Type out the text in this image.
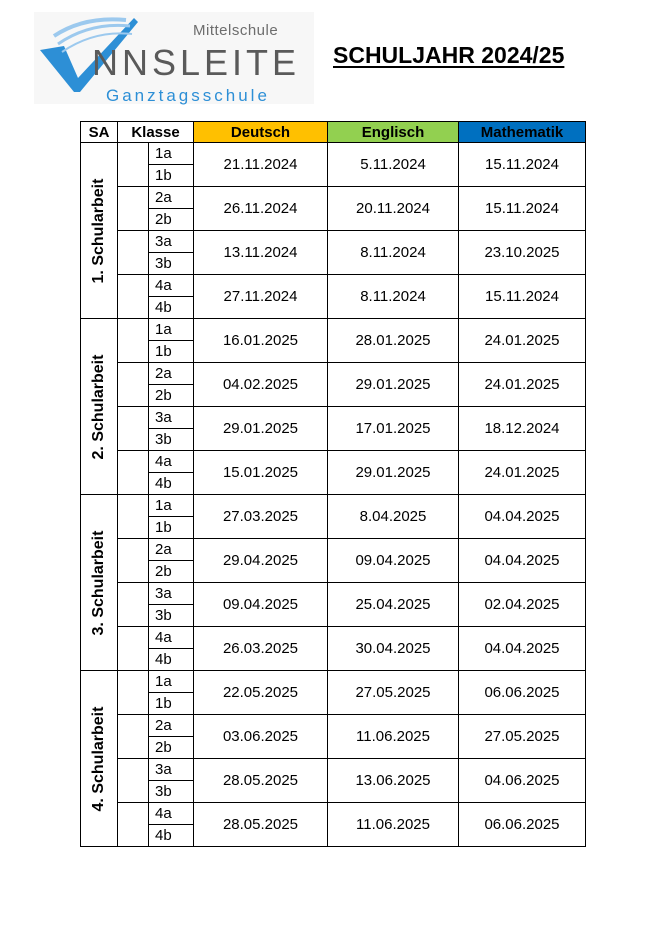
Mittelschule
NNSLEITE
Ganztagsschule
SCHULJAHR 2024/25
SA	Klasse		Deutsch	Englisch	Mathematik

1. Schularbeit		1a	21.11.2024	5.11.2024	15.11.2024
		1b			
		2a	26.11.2024	20.11.2024	15.11.2024
		2b			
		3a	13.11.2024	8.11.2024	23.10.2025
		3b			
		4a	27.11.2024	8.11.2024	15.11.2024
		4b			

2. Schularbeit		1a	16.01.2025	28.01.2025	24.01.2025
		1b			
		2a	04.02.2025	29.01.2025	24.01.2025
		2b			
		3a	29.01.2025	17.01.2025	18.12.2024
		3b			
		4a	15.01.2025	29.01.2025	24.01.2025
		4b			

3. Schularbeit		1a	27.03.2025	8.04.2025	04.04.2025
		1b			
		2a	29.04.2025	09.04.2025	04.04.2025
		2b			
		3a	09.04.2025	25.04.2025	02.04.2025
		3b			
		4a	26.03.2025	30.04.2025	04.04.2025
		4b			

4. Schularbeit		1a	22.05.2025	27.05.2025	06.06.2025
		1b			
		2a	03.06.2025	11.06.2025	27.05.2025
		2b			
		3a	28.05.2025	13.06.2025	04.06.2025
		3b			
		4a	28.05.2025	11.06.2025	06.06.2025
		4b			
